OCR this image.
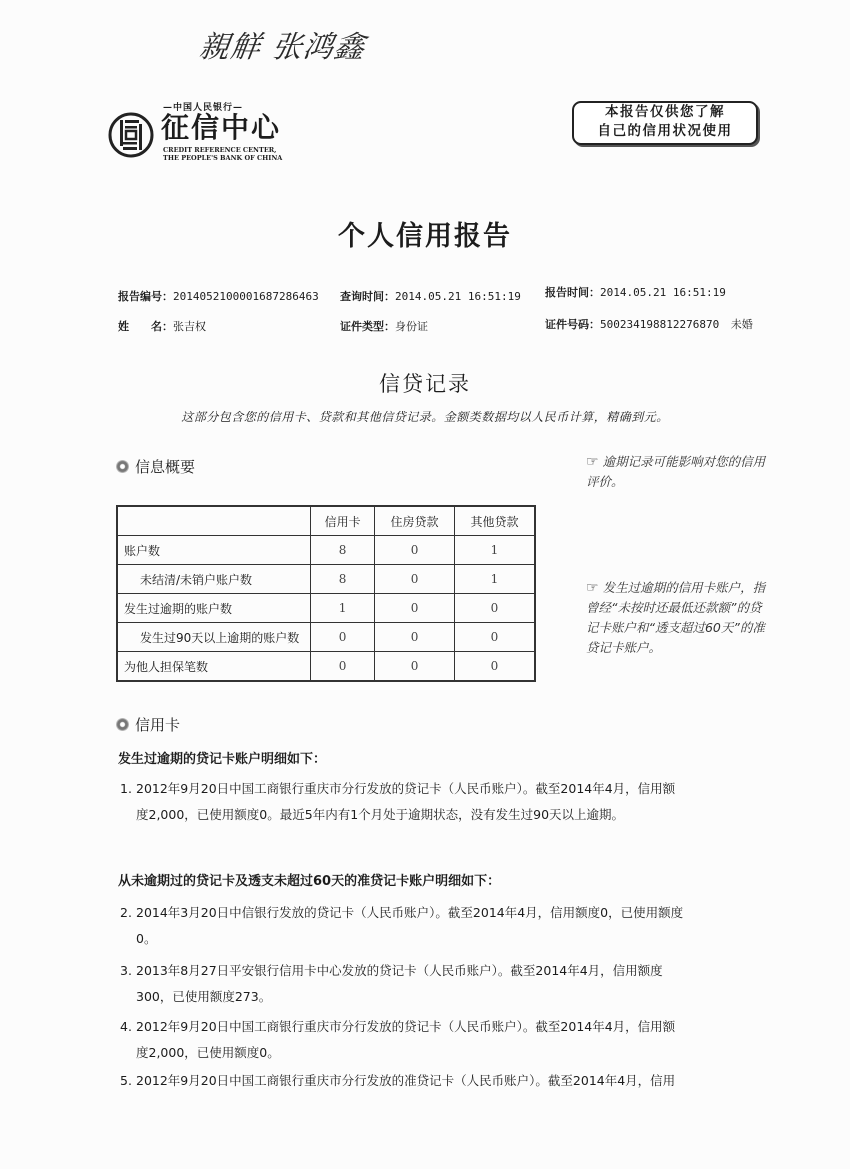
親觧 张鸿鑫
—中国人民银行—
征信中心
CREDIT REFERENCE CENTER,
THE PEOPLE'S BANK OF CHINA
本报告仅供您了解
自己的信用状况使用
个人信用报告
报告编号：2014052100001687286463 查询时间：2014.05.21 16:51:19 报告时间：2014.05.21 16:51:19
姓　　名：张吉权	证件类型：身份证	证件号码：500234198812276870 未婚
信贷记录
这部分包含您的信用卡、贷款和其他信贷记录。金额类数据均以人民币计算，精确到元。
信息概要	☞ 逾期记录可能影响对您的信用评价。
	信用卡	住房贷款	其他贷款
账户数	8	0	1
未结清/未销户账户数	8	0	1
发生过逾期的账户数	1	0	0
发生过90天以上逾期的账户数	0	0	0
为他人担保笔数	0	0	0
☞ 发生过逾期的信用卡账户，指曾经“未按时还最低还款额”的贷记卡账户和“透支超过60天”的准贷记卡账户。
信用卡
发生过逾期的贷记卡账户明细如下：
1. 2012年9月20日中国工商银行重庆市分行发放的贷记卡（人民币账户）。截至2014年4月，信用额
度2,000，已使用额度0。最近5年内有1个月处于逾期状态，没有发生过90天以上逾期。
从未逾期过的贷记卡及透支未超过60天的准贷记卡账户明细如下：
2. 2014年3月20日中信银行发放的贷记卡（人民币账户）。截至2014年4月，信用额度0，已使用额度
0。
3. 2013年8月27日平安银行信用卡中心发放的贷记卡（人民币账户）。截至2014年4月，信用额度
300，已使用额度273。
4. 2012年9月20日中国工商银行重庆市分行发放的贷记卡（人民币账户）。截至2014年4月，信用额
度2,000，已使用额度0。
5. 2012年9月20日中国工商银行重庆市分行发放的准贷记卡（人民币账户）。截至2014年4月，信用
